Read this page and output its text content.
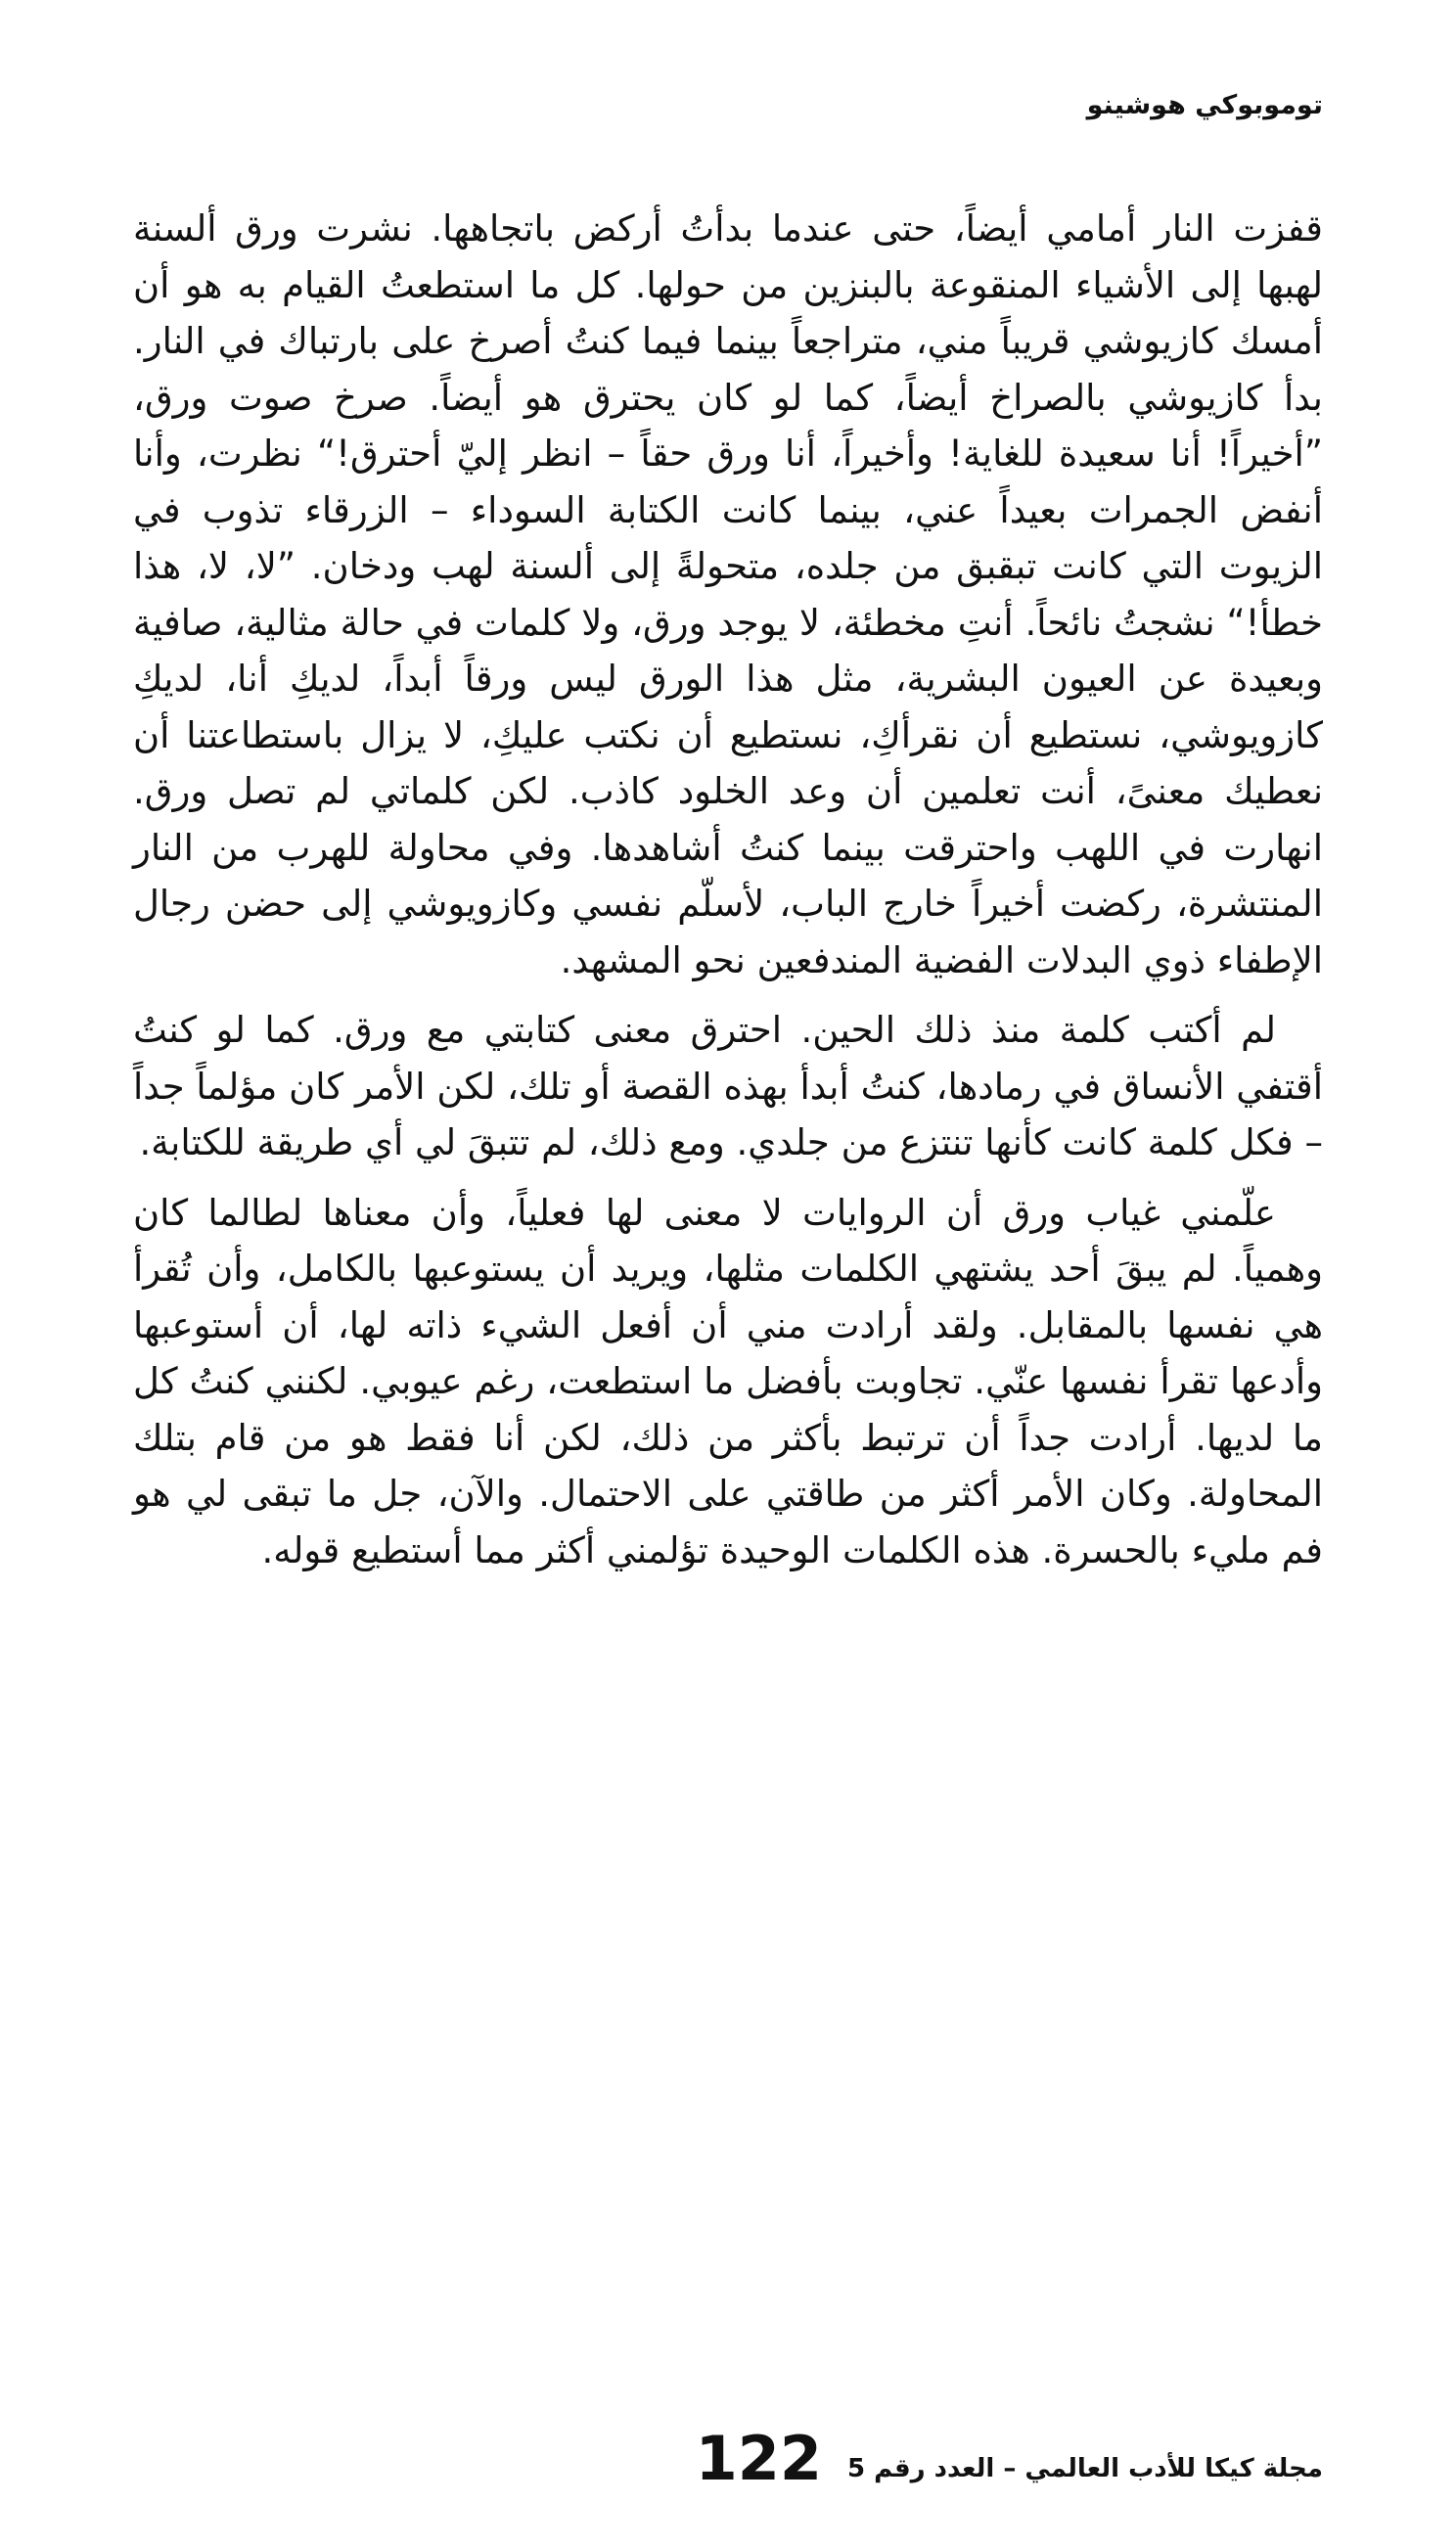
توموبوكي هوشينو

قفزت النار أمامي أيضاً، حتى عندما بدأتُ أركض باتجاهها. نشرت ورق ألسنة لهبها إلى الأشياء المنقوعة بالبنزين من حولها. كل ما استطعتُ القيام به هو أن أمسك كازيوشي قريباً مني، متراجعاً بينما فيما كنتُ أصرخ على بارتباك في النار. بدأ كازيوشي بالصراخ أيضاً، كما لو كان يحترق هو أيضاً. صرخ صوت ورق، ”أخيراً! أنا سعيدة للغاية! وأخيراً، أنا ورق حقاً – انظر إليّ أحترق!“ نظرت، وأنا أنفض الجمرات بعيداً عني، بينما كانت الكتابة السوداء – الزرقاء تذوب في الزيوت التي كانت تبقبق من جلده، متحولةً إلى ألسنة لهب ودخان. ”لا، لا، هذا خطأ!“ نشجتُ نائحاً. أنتِ مخطئة، لا يوجد ورق، ولا كلمات في حالة مثالية، صافية وبعيدة عن العيون البشرية، مثل هذا الورق ليس ورقاً أبداً، لديكِ أنا، لديكِ كازويوشي، نستطيع أن نقرأكِ، نستطيع أن نكتب عليكِ، لا يزال باستطاعتنا أن نعطيك معنىً، أنت تعلمين أن وعد الخلود كاذب. لكن كلماتي لم تصل ورق. انهارت في اللهب واحترقت بينما كنتُ أشاهدها. وفي محاولة للهرب من النار المنتشرة، ركضت أخيراً خارج الباب، لأسلّم نفسي وكازويوشي إلى حضن رجال الإطفاء ذوي البدلات الفضية المندفعين نحو المشهد.

لم أكتب كلمة منذ ذلك الحين. احترق معنى كتابتي مع ورق. كما لو كنتُ أقتفي الأنساق في رمادها، كنتُ أبدأ بهذه القصة أو تلك، لكن الأمر كان مؤلماً جداً – فكل كلمة كانت كأنها تنتزع من جلدي. ومع ذلك، لم تتبقَ لي أي طريقة للكتابة.

علّمني غياب ورق أن الروايات لا معنى لها فعلياً، وأن معناها لطالما كان وهمياً. لم يبقَ أحد يشتهي الكلمات مثلها، ويريد أن يستوعبها بالكامل، وأن تُقرأ هي نفسها بالمقابل. ولقد أرادت مني أن أفعل الشيء ذاته لها، أن أستوعبها وأدعها تقرأ نفسها عنّي. تجاوبت بأفضل ما استطعت، رغم عيوبي. لكنني كنتُ كل ما لديها. أرادت جداً أن ترتبط بأكثر من ذلك، لكن أنا فقط هو من قام بتلك المحاولة. وكان الأمر أكثر من طاقتي على الاحتمال. والآن، جل ما تبقى لي هو فم مليء بالحسرة. هذه الكلمات الوحيدة تؤلمني أكثر مما أستطيع قوله.

مجلة كيكا للأدب العالمي – العدد رقم 5
122
